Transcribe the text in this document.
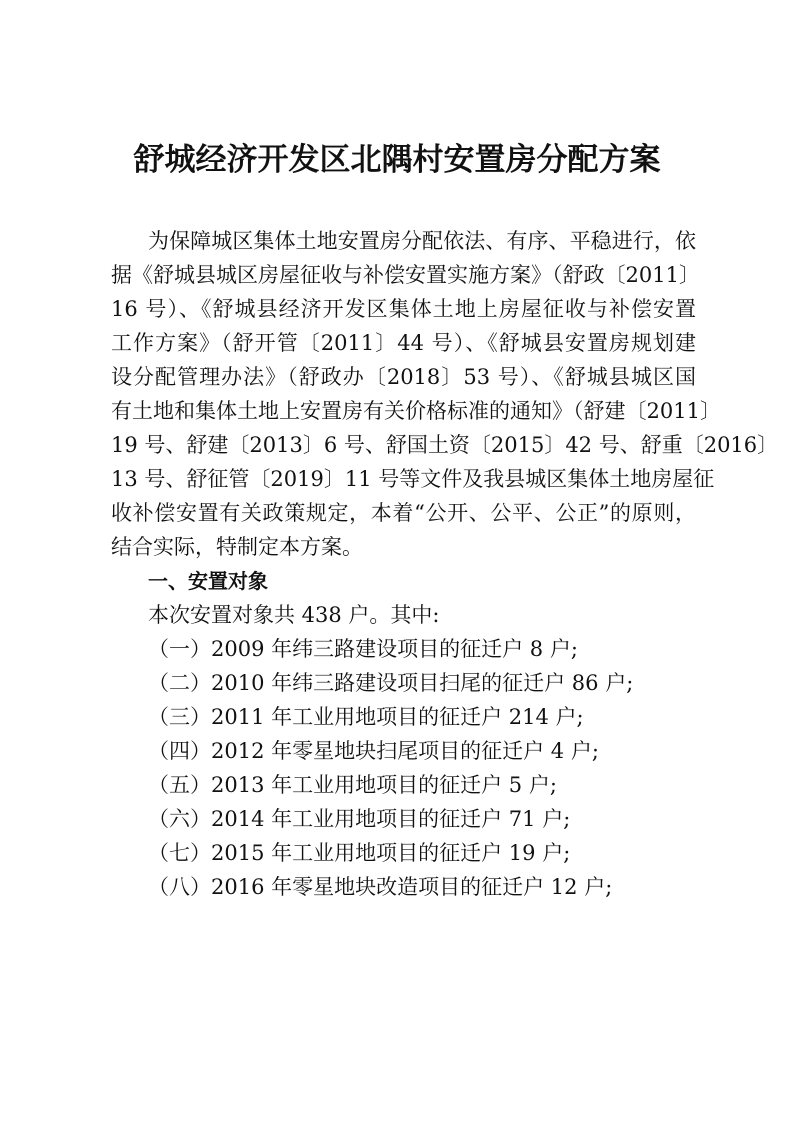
舒城经济开发区北隅村安置房分配方案
为保障城区集体土地安置房分配依法、有序、平稳进行，依
据《舒城县城区房屋征收与补偿安置实施方案》（舒政〔2011〕
16 号）、《舒城县经济开发区集体土地上房屋征收与补偿安置
工作方案》（舒开管〔2011〕44 号）、《舒城县安置房规划建
设分配管理办法》（舒政办〔2018〕53 号）、《舒城县城区国
有土地和集体土地上安置房有关价格标准的通知》（舒建〔2011〕
19 号、舒建〔2013〕6 号、舒国土资〔2015〕42 号、舒重〔2016〕
13 号、舒征管〔2019〕11 号等文件及我县城区集体土地房屋征
收补偿安置有关政策规定，本着“公开、公平、公正”的原则，
结合实际，特制定本方案。
一、安置对象
本次安置对象共 438 户。其中:
（一）2009 年纬三路建设项目的征迁户 8 户;
（二）2010 年纬三路建设项目扫尾的征迁户 86 户;
（三）2011 年工业用地项目的征迁户 214 户;
（四）2012 年零星地块扫尾项目的征迁户 4 户;
（五）2013 年工业用地项目的征迁户 5 户;
（六）2014 年工业用地项目的征迁户 71 户;
（七）2015 年工业用地项目的征迁户 19 户;
（八）2016 年零星地块改造项目的征迁户 12 户;
